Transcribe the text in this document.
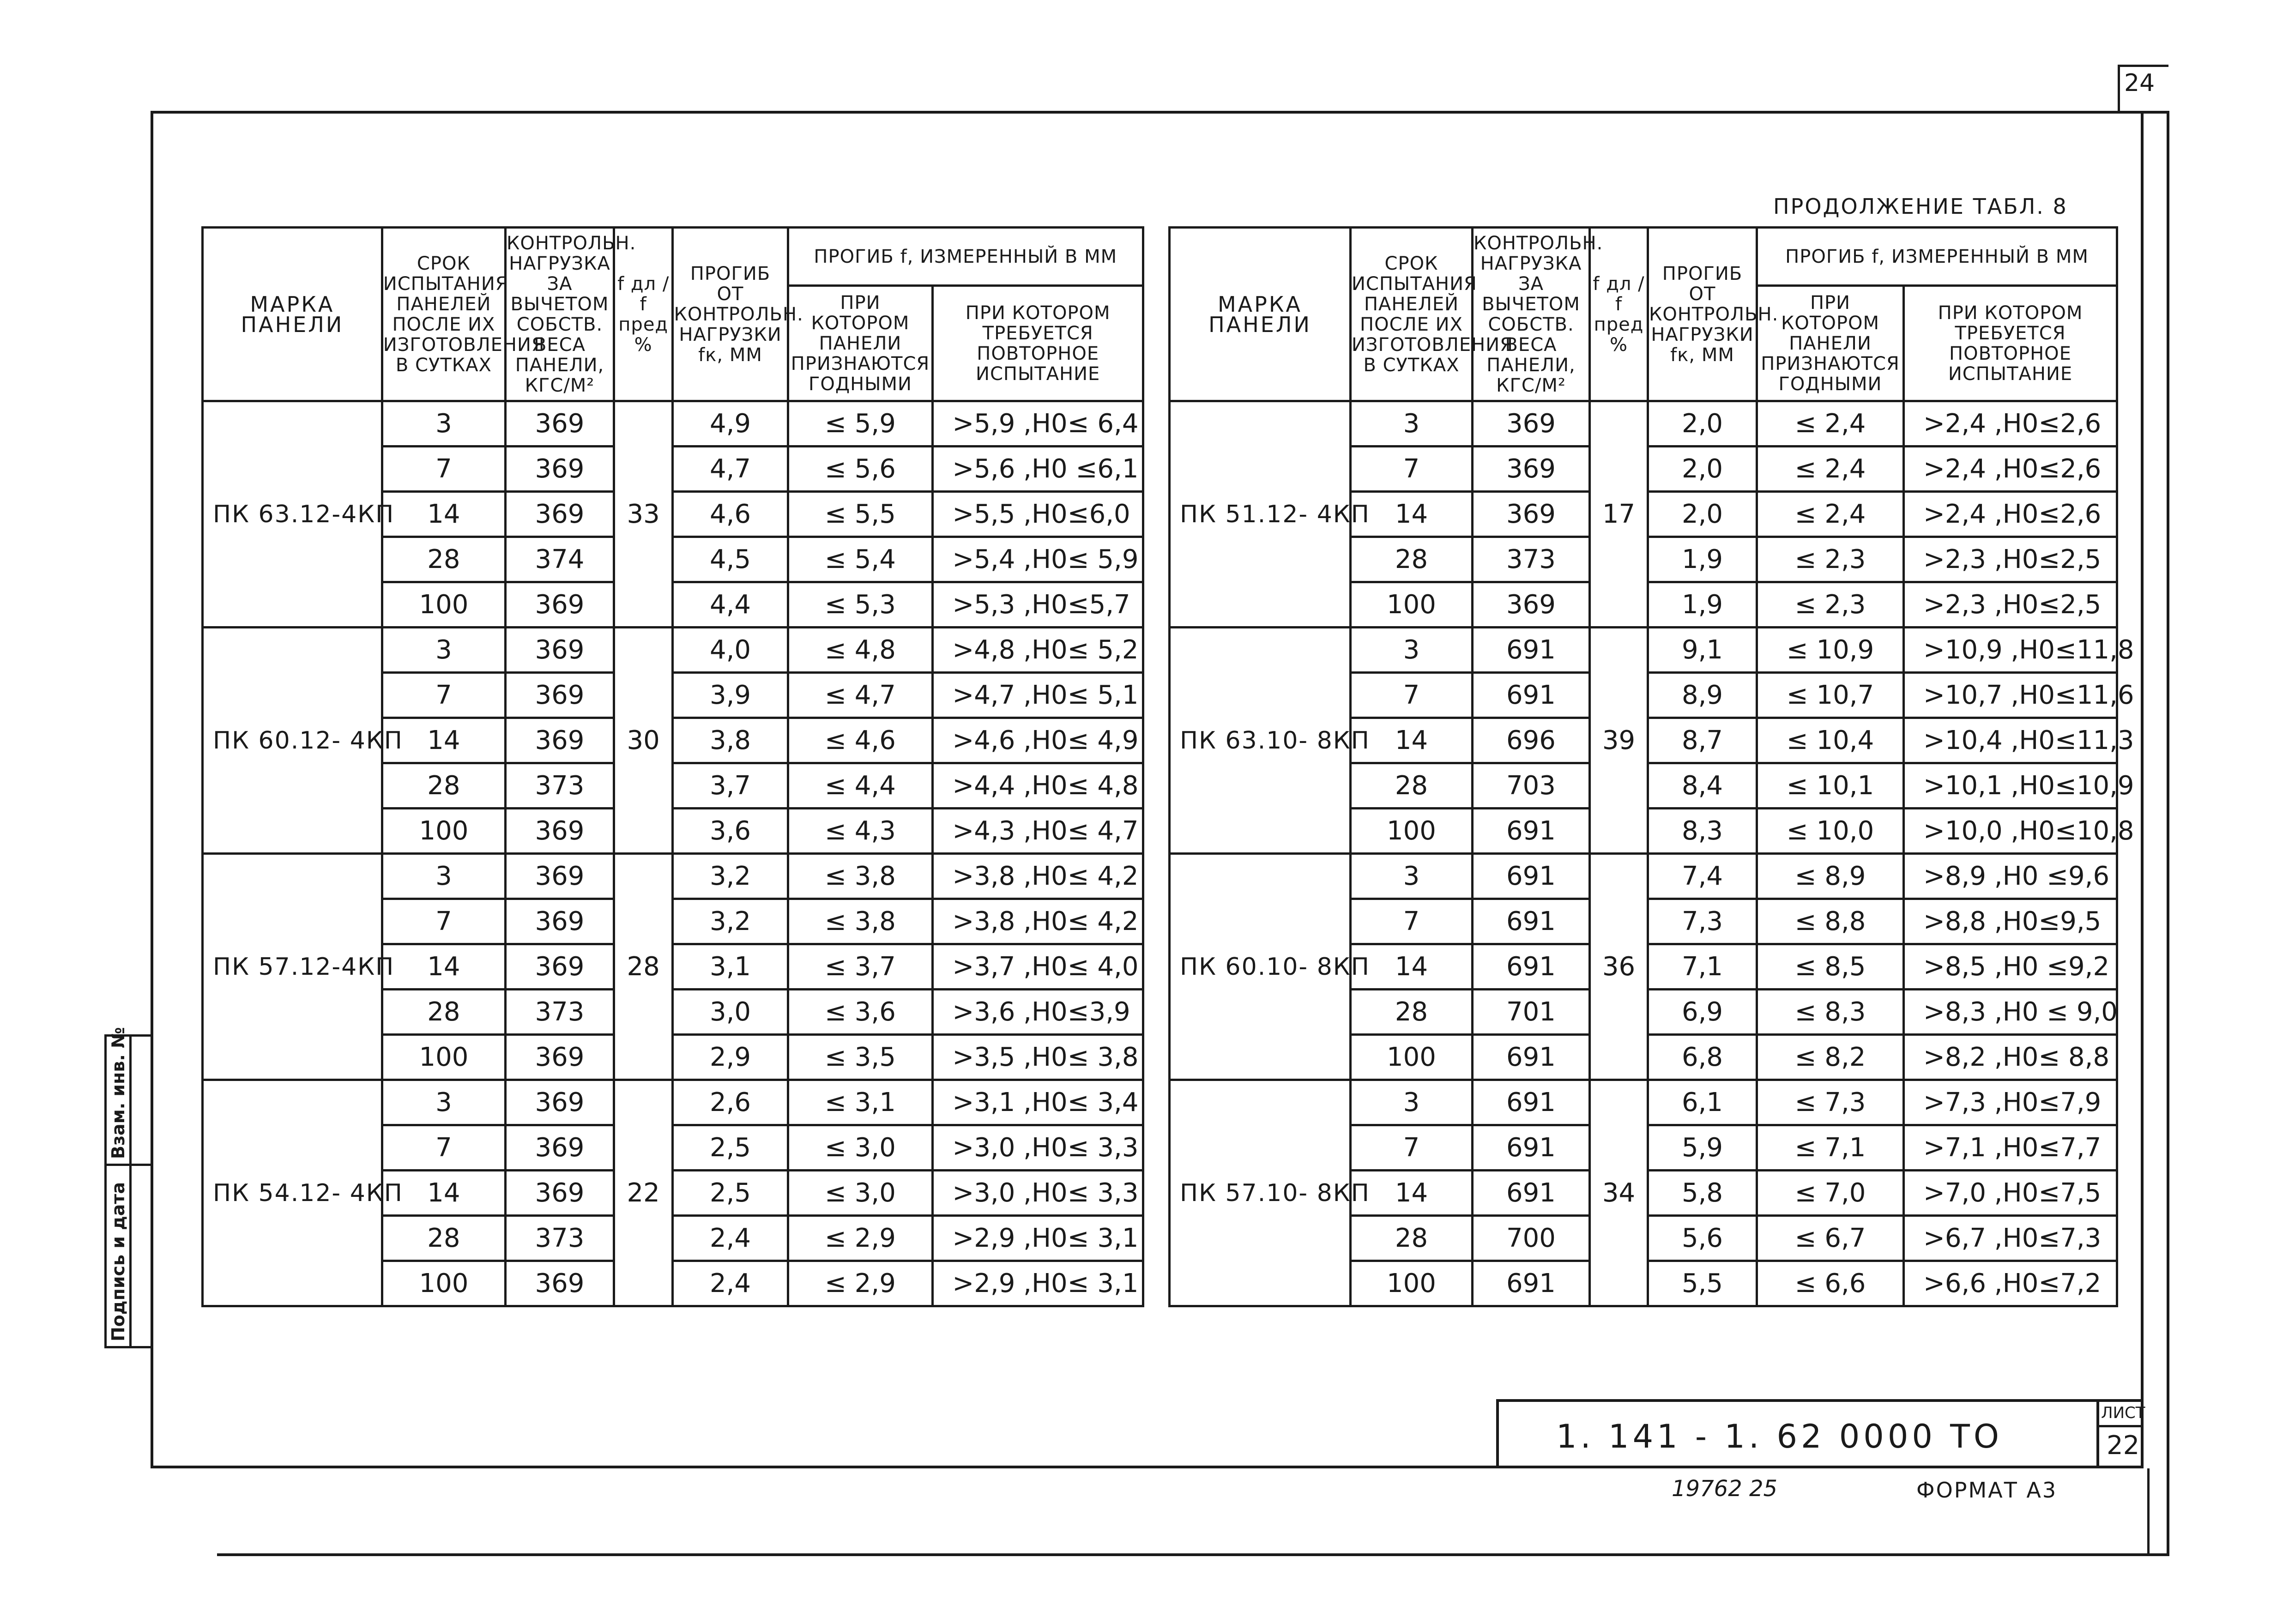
24
Взам. инв. №
Подпись и дата
ПРОДОЛЖЕНИЕ ТАБЛ. 8
МАРКА ПАНЕЛИ	СРОК ИСПЫТАНИЯ ПАНЕЛЕЙ ПОСЛЕ ИХ ИЗГОТОВЛЕНИЯ В СУТКАХ	КОНТРОЛЬН. НАГРУЗКА ЗА ВЫЧЕТОМ СОБСТВ. ВЕСА ПАНЕЛИ, КГС/М²	f дл / f пред %	ПРОГИБ ОТ КОНТРОЛЬН. НАГРУЗКИ fк, ММ	ПРОГИБ f, ИЗМЕРЕННЫЙ В ММ	
					ПРИ КОТОРОМ ПАНЕЛИ ПРИЗНАЮТСЯ ГОДНЫМИ	ПРИ КОТОРОМ ТРЕБУЕТСЯ ПОВТОРНОЕ ИСПЫТАНИЕ
ПК 63.12-4КП	3	369	33	4,9	≤ 5,9	>5,9 ,Н0≤ 6,4
	7	369		4,7	≤ 5,6	>5,6 ,Н0 ≤6,1
	14	369		4,6	≤ 5,5	>5,5 ,Н0≤6,0
	28	374		4,5	≤ 5,4	>5,4 ,Н0≤ 5,9
	100	369		4,4	≤ 5,3	>5,3 ,Н0≤5,7
ПК 60.12- 4КП	3	369	30	4,0	≤ 4,8	>4,8 ,Н0≤ 5,2
	7	369		3,9	≤ 4,7	>4,7 ,Н0≤ 5,1
	14	369		3,8	≤ 4,6	>4,6 ,Н0≤ 4,9
	28	373		3,7	≤ 4,4	>4,4 ,Н0≤ 4,8
	100	369		3,6	≤ 4,3	>4,3 ,Н0≤ 4,7
ПК 57.12-4КП	3	369	28	3,2	≤ 3,8	>3,8 ,Н0≤ 4,2
	7	369		3,2	≤ 3,8	>3,8 ,Н0≤ 4,2
	14	369		3,1	≤ 3,7	>3,7 ,Н0≤ 4,0
	28	373		3,0	≤ 3,6	>3,6 ,Н0≤3,9
	100	369		2,9	≤ 3,5	>3,5 ,Н0≤ 3,8
ПК 54.12- 4КП	3	369	22	2,6	≤ 3,1	>3,1 ,Н0≤ 3,4
	7	369		2,5	≤ 3,0	>3,0 ,Н0≤ 3,3
	14	369		2,5	≤ 3,0	>3,0 ,Н0≤ 3,3
	28	373		2,4	≤ 2,9	>2,9 ,Н0≤ 3,1
	100	369		2,4	≤ 2,9	>2,9 ,Н0≤ 3,1
МАРКА ПАНЕЛИ	СРОК ИСПЫТАНИЯ ПАНЕЛЕЙ ПОСЛЕ ИХ ИЗГОТОВЛЕНИЯ В СУТКАХ	КОНТРОЛЬН. НАГРУЗКА ЗА ВЫЧЕТОМ СОБСТВ. ВЕСА ПАНЕЛИ, КГС/М²	f дл / f пред %	ПРОГИБ ОТ КОНТРОЛЬН. НАГРУЗКИ fк, ММ	ПРОГИБ f, ИЗМЕРЕННЫЙ В ММ	
					ПРИ КОТОРОМ ПАНЕЛИ ПРИЗНАЮТСЯ ГОДНЫМИ	ПРИ КОТОРОМ ТРЕБУЕТСЯ ПОВТОРНОЕ ИСПЫТАНИЕ
ПК 51.12- 4КП	3	369	17	2,0	≤ 2,4	>2,4 ,Н0≤2,6
	7	369		2,0	≤ 2,4	>2,4 ,Н0≤2,6
	14	369		2,0	≤ 2,4	>2,4 ,Н0≤2,6
	28	373		1,9	≤ 2,3	>2,3 ,Н0≤2,5
	100	369		1,9	≤ 2,3	>2,3 ,Н0≤2,5
ПК 63.10- 8КП	3	691	39	9,1	≤ 10,9	>10,9 ,Н0≤11,8
	7	691		8,9	≤ 10,7	>10,7 ,Н0≤11,6
	14	696		8,7	≤ 10,4	>10,4 ,Н0≤11,3
	28	703		8,4	≤ 10,1	>10,1 ,Н0≤10,9
	100	691		8,3	≤ 10,0	>10,0 ,Н0≤10,8
ПК 60.10- 8КП	3	691	36	7,4	≤ 8,9	>8,9 ,Н0 ≤9,6
	7	691		7,3	≤ 8,8	>8,8 ,Н0≤9,5
	14	691		7,1	≤ 8,5	>8,5 ,Н0 ≤9,2
	28	701		6,9	≤ 8,3	>8,3 ,Н0 ≤ 9,0
	100	691		6,8	≤ 8,2	>8,2 ,Н0≤ 8,8
ПК 57.10- 8КП	3	691	34	6,1	≤ 7,3	>7,3 ,Н0≤7,9
	7	691		5,9	≤ 7,1	>7,1 ,Н0≤7,7
	14	691		5,8	≤ 7,0	>7,0 ,Н0≤7,5
	28	700		5,6	≤ 6,7	>6,7 ,Н0≤7,3
	100	691		5,5	≤ 6,6	>6,6 ,Н0≤7,2
1. 141 - 1. 62 0000 ТО
ЛИСТ
22
19762 25	ФОРМАТ А3
